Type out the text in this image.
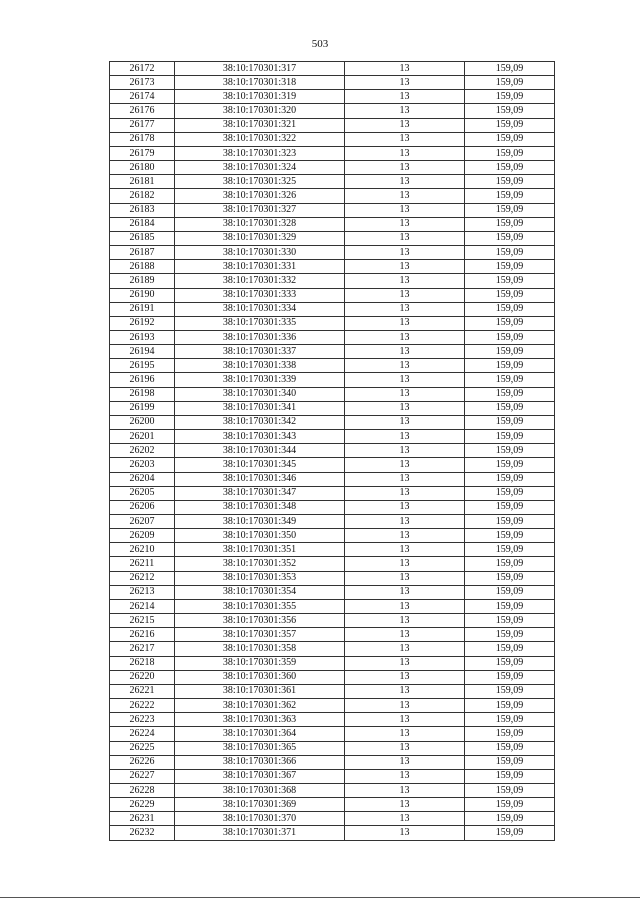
503
26172	38:10:170301:317	13	159,09
26173	38:10:170301:318	13	159,09
26174	38:10:170301:319	13	159,09
26176	38:10:170301:320	13	159,09
26177	38:10:170301:321	13	159,09
26178	38:10:170301:322	13	159,09
26179	38:10:170301:323	13	159,09
26180	38:10:170301:324	13	159,09
26181	38:10:170301:325	13	159,09
26182	38:10:170301:326	13	159,09
26183	38:10:170301:327	13	159,09
26184	38:10:170301:328	13	159,09
26185	38:10:170301:329	13	159,09
26187	38:10:170301:330	13	159,09
26188	38:10:170301:331	13	159,09
26189	38:10:170301:332	13	159,09
26190	38:10:170301:333	13	159,09
26191	38:10:170301:334	13	159,09
26192	38:10:170301:335	13	159,09
26193	38:10:170301:336	13	159,09
26194	38:10:170301:337	13	159,09
26195	38:10:170301:338	13	159,09
26196	38:10:170301:339	13	159,09
26198	38:10:170301:340	13	159,09
26199	38:10:170301:341	13	159,09
26200	38:10:170301:342	13	159,09
26201	38:10:170301:343	13	159,09
26202	38:10:170301:344	13	159,09
26203	38:10:170301:345	13	159,09
26204	38:10:170301:346	13	159,09
26205	38:10:170301:347	13	159,09
26206	38:10:170301:348	13	159,09
26207	38:10:170301:349	13	159,09
26209	38:10:170301:350	13	159,09
26210	38:10:170301:351	13	159,09
26211	38:10:170301:352	13	159,09
26212	38:10:170301:353	13	159,09
26213	38:10:170301:354	13	159,09
26214	38:10:170301:355	13	159,09
26215	38:10:170301:356	13	159,09
26216	38:10:170301:357	13	159,09
26217	38:10:170301:358	13	159,09
26218	38:10:170301:359	13	159,09
26220	38:10:170301:360	13	159,09
26221	38:10:170301:361	13	159,09
26222	38:10:170301:362	13	159,09
26223	38:10:170301:363	13	159,09
26224	38:10:170301:364	13	159,09
26225	38:10:170301:365	13	159,09
26226	38:10:170301:366	13	159,09
26227	38:10:170301:367	13	159,09
26228	38:10:170301:368	13	159,09
26229	38:10:170301:369	13	159,09
26231	38:10:170301:370	13	159,09
26232	38:10:170301:371	13	159,09
